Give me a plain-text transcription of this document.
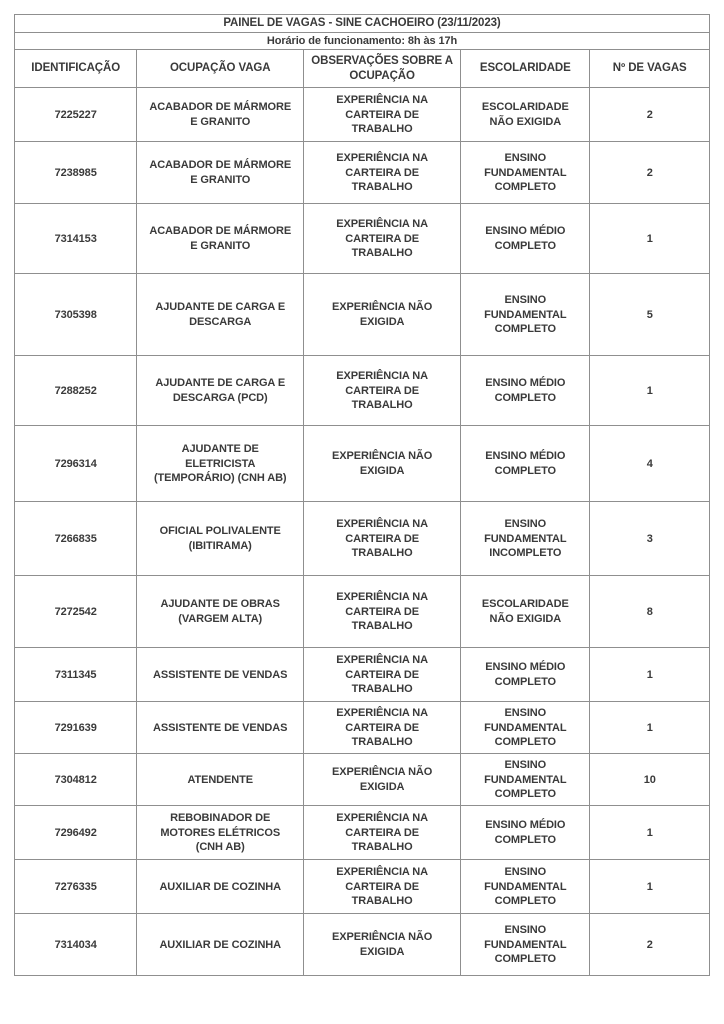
PAINEL DE VAGAS - SINE CACHOEIRO (23/11/2023)				
Horário de funcionamento: 8h às 17h				
IDENTIFICAÇÃO	OCUPAÇÃO VAGA	OBSERVAÇÕES SOBRE A OCUPAÇÃO	ESCOLARIDADE	Nº DE VAGAS
7225227	ACABADOR DE MÁRMORE E GRANITO	EXPERIÊNCIA NA CARTEIRA DE TRABALHO	ESCOLARIDADE NÃO EXIGIDA	2
7238985	ACABADOR DE MÁRMORE E GRANITO	EXPERIÊNCIA NA CARTEIRA DE TRABALHO	ENSINO FUNDAMENTAL COMPLETO	2
7314153	ACABADOR DE MÁRMORE E GRANITO	EXPERIÊNCIA NA CARTEIRA DE TRABALHO	ENSINO MÉDIO COMPLETO	1
7305398	AJUDANTE DE CARGA E DESCARGA	EXPERIÊNCIA NÃO EXIGIDA	ENSINO FUNDAMENTAL COMPLETO	5
7288252	AJUDANTE DE CARGA E DESCARGA (PCD)	EXPERIÊNCIA NA CARTEIRA DE TRABALHO	ENSINO MÉDIO COMPLETO	1
7296314	AJUDANTE DE ELETRICISTA (TEMPORÁRIO) (CNH AB)	EXPERIÊNCIA NÃO EXIGIDA	ENSINO MÉDIO COMPLETO	4
7266835	OFICIAL POLIVALENTE (IBITIRAMA)	EXPERIÊNCIA NA CARTEIRA DE TRABALHO	ENSINO FUNDAMENTAL INCOMPLETO	3
7272542	AJUDANTE DE OBRAS (VARGEM ALTA)	EXPERIÊNCIA NA CARTEIRA DE TRABALHO	ESCOLARIDADE NÃO EXIGIDA	8
7311345	ASSISTENTE DE VENDAS	EXPERIÊNCIA NA CARTEIRA DE TRABALHO	ENSINO MÉDIO COMPLETO	1
7291639	ASSISTENTE DE VENDAS	EXPERIÊNCIA NA CARTEIRA DE TRABALHO	ENSINO FUNDAMENTAL COMPLETO	1
7304812	ATENDENTE	EXPERIÊNCIA NÃO EXIGIDA	ENSINO FUNDAMENTAL COMPLETO	10
7296492	REBOBINADOR DE MOTORES ELÉTRICOS (CNH AB)	EXPERIÊNCIA NA CARTEIRA DE TRABALHO	ENSINO MÉDIO COMPLETO	1
7276335	AUXILIAR DE COZINHA	EXPERIÊNCIA NA CARTEIRA DE TRABALHO	ENSINO FUNDAMENTAL COMPLETO	1
7314034	AUXILIAR DE COZINHA	EXPERIÊNCIA NÃO EXIGIDA	ENSINO FUNDAMENTAL COMPLETO	2
